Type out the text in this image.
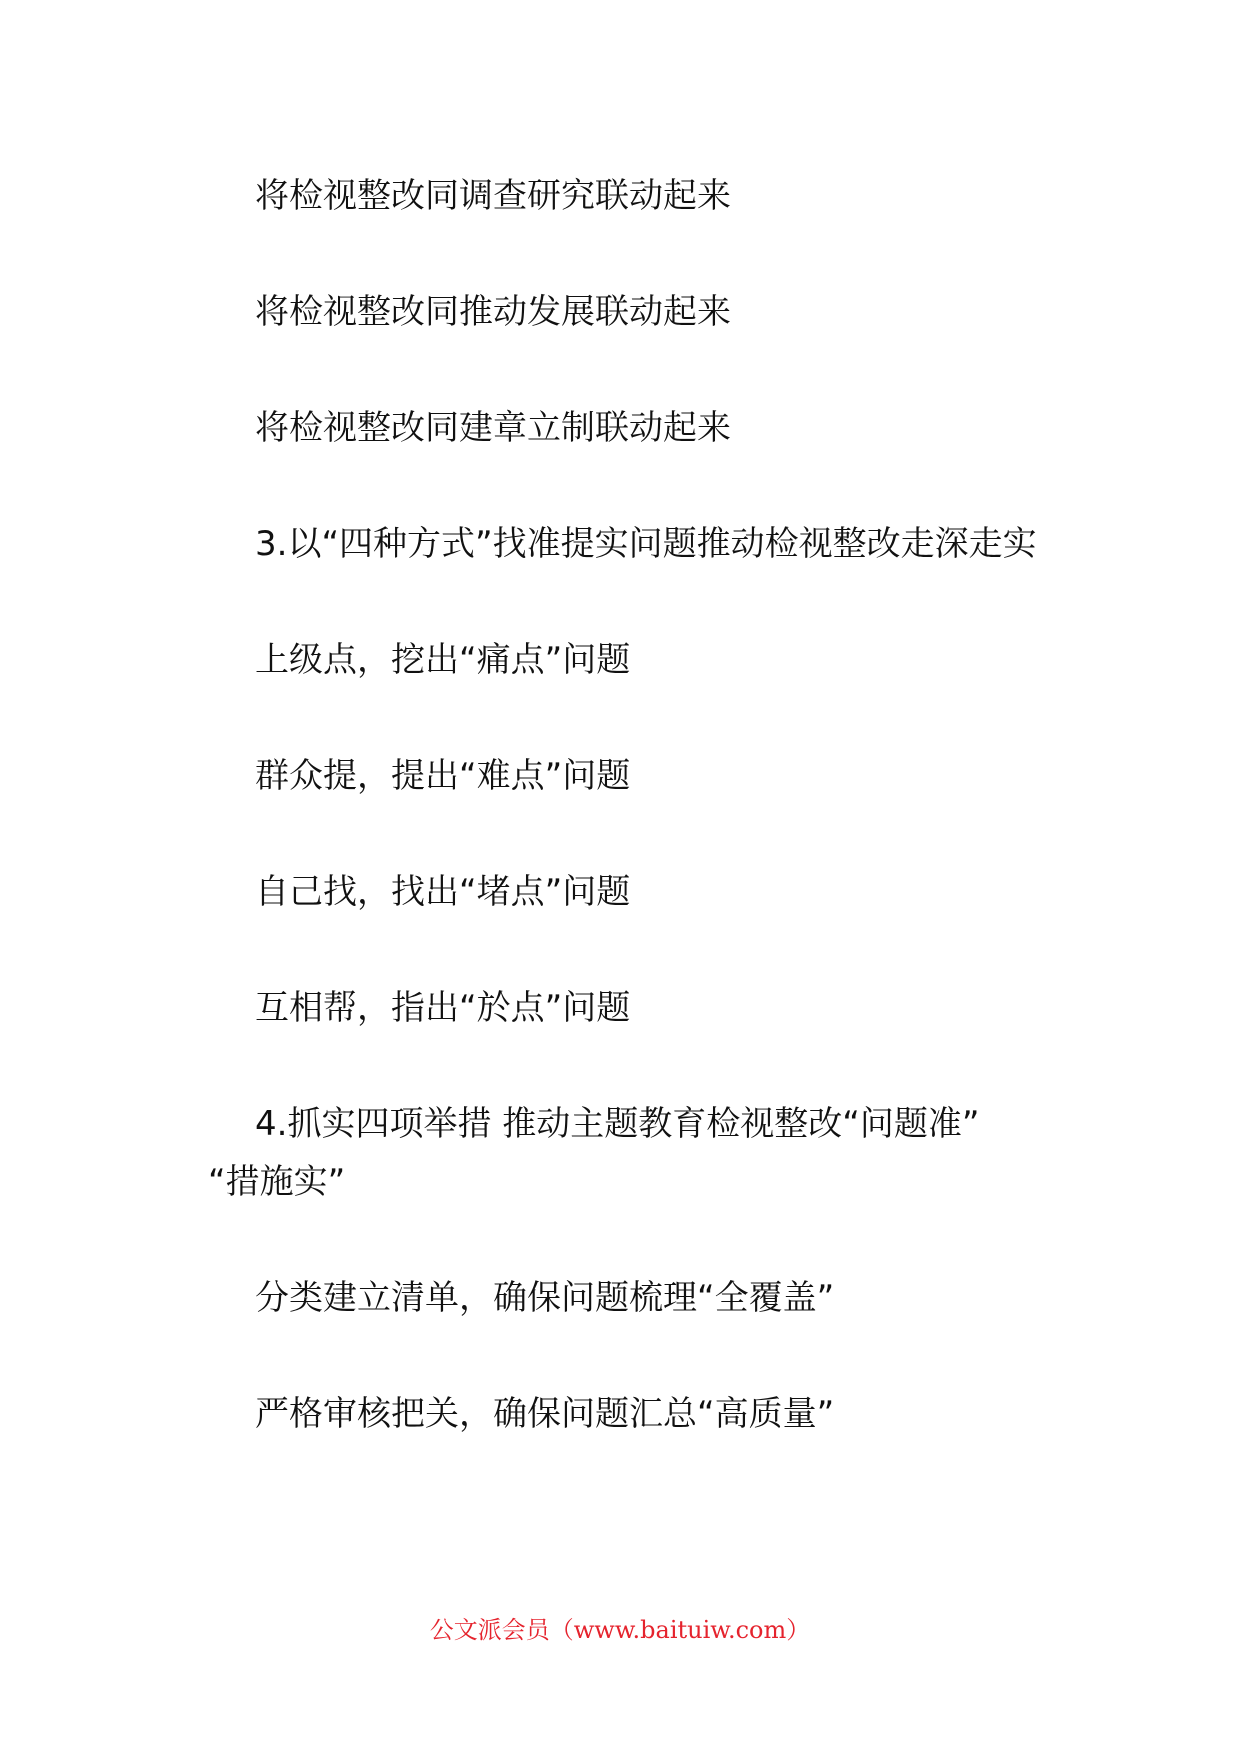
将检视整改同调查研究联动起来
将检视整改同推动发展联动起来
将检视整改同建章立制联动起来
3.以“四种方式”找准提实问题推动检视整改走深走实
上级点，挖出“痛点”问题
群众提，提出“难点”问题
自己找，找出“堵点”问题
互相帮，指出“於点”问题
4.抓实四项举措 推动主题教育检视整改“问题准”
“措施实”
分类建立清单，确保问题梳理“全覆盖”
严格审核把关，确保问题汇总“高质量”
公文派会员（www.baituiw.com）
